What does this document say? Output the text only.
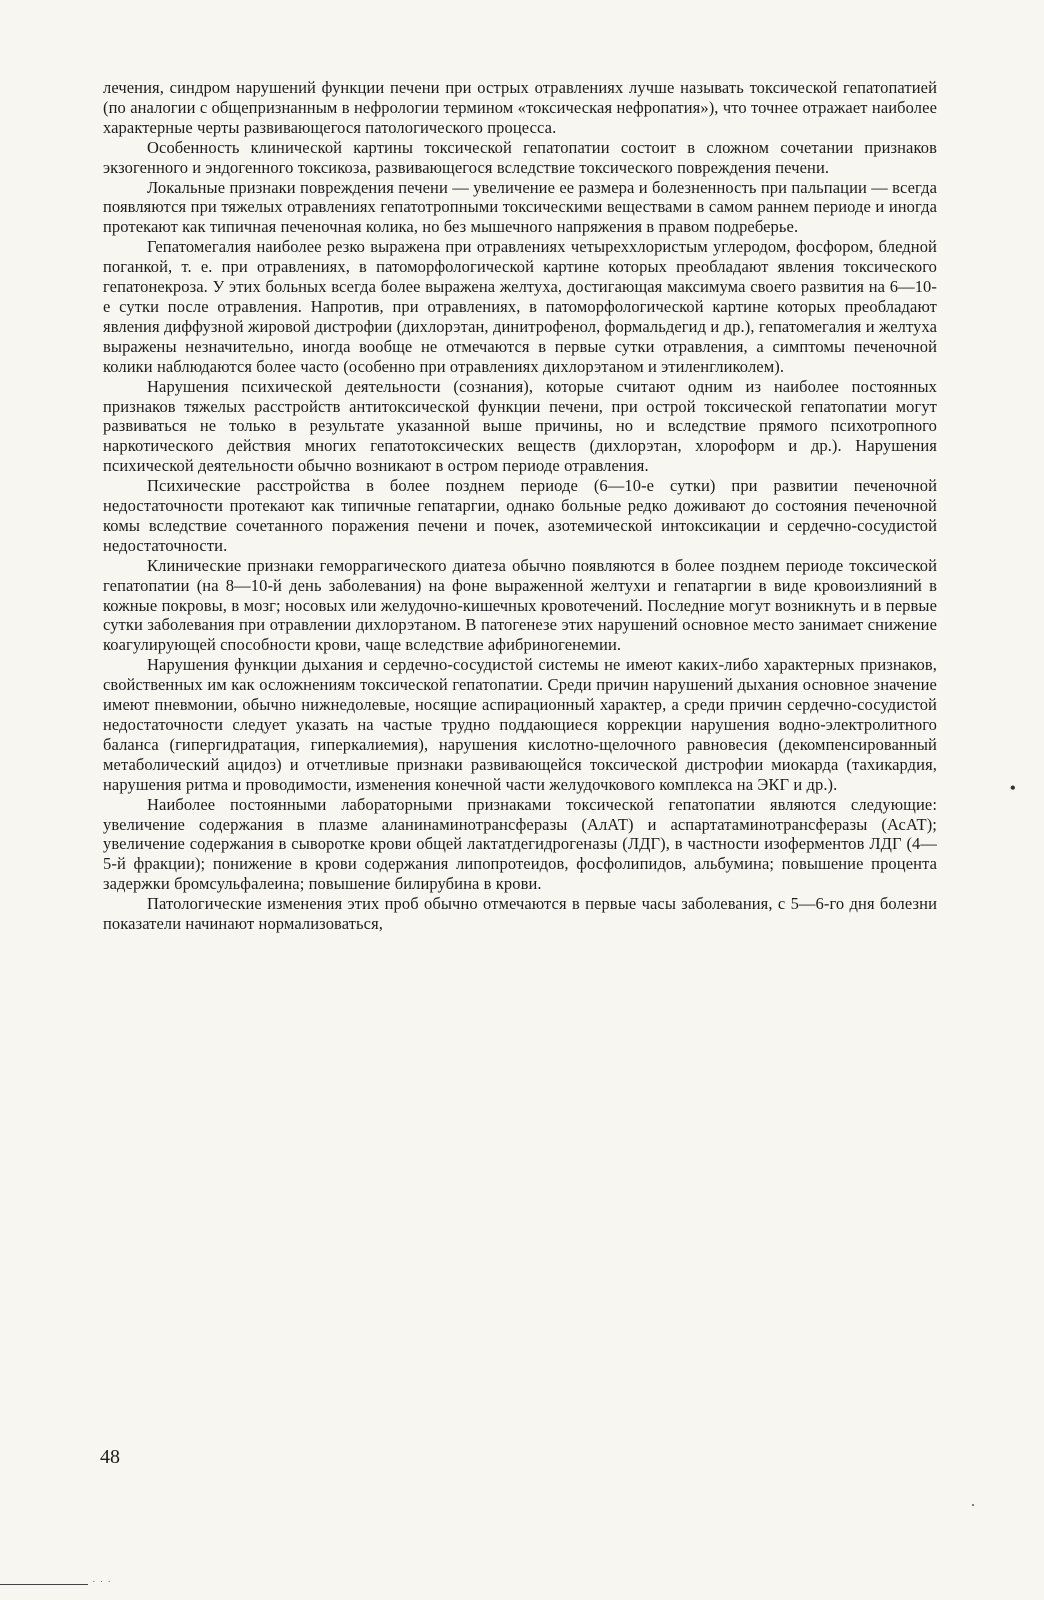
лечения, синдром нарушений функции печени при острых отравлениях лучше называть токсической гепатопатией (по аналогии с общепризнанным в нефрологии термином «токсическая нефропатия»), что точнее отражает наиболее характерные черты развивающегося патологического процесса.

Особенность клинической картины токсической гепатопатии состоит в сложном сочетании признаков экзогенного и эндогенного токсикоза, развивающегося вследствие токсического повреждения печени.

Локальные признаки повреждения печени — увеличение ее размера и болезненность при пальпации — всегда появляются при тяжелых отравлениях гепатотропными токсическими веществами в самом раннем периоде и иногда протекают как типичная печеночная колика, но без мышечного напряжения в правом подреберье.

Гепатомегалия наиболее резко выражена при отравлениях четыреххлористым углеродом, фосфором, бледной поганкой, т. е. при отравлениях, в патоморфологической картине которых преобладают явления токсического гепатонекроза. У этих больных всегда более выражена желтуха, достигающая максимума своего развития на 6—10-е сутки после отравления. Напротив, при отравлениях, в патоморфологической картине которых преобладают явления диффузной жировой дистрофии (дихлорэтан, динитрофенол, формальдегид и др.), гепатомегалия и желтуха выражены незначительно, иногда вообще не отмечаются в первые сутки отравления, а симптомы печеночной колики наблюдаются более часто (особенно при отравлениях дихлорэтаном и этиленгликолем).

Нарушения психической деятельности (сознания), которые считают одним из наиболее постоянных признаков тяжелых расстройств антитоксической функции печени, при острой токсической гепатопатии могут развиваться не только в результате указанной выше причины, но и вследствие прямого психотропного наркотического действия многих гепатотоксических веществ (дихлорэтан, хлороформ и др.). Нарушения психической деятельности обычно возникают в остром периоде отравления.

Психические расстройства в более позднем периоде (6—10-е сутки) при развитии печеночной недостаточности протекают как типичные гепатаргии, однако больные редко доживают до состояния печеночной комы вследствие сочетанного поражения печени и почек, азотемической интоксикации и сердечно-сосудистой недостаточности.

Клинические признаки геморрагического диатеза обычно появляются в более позднем периоде токсической гепатопатии (на 8—10-й день заболевания) на фоне выраженной желтухи и гепатаргии в виде кровоизлияний в кожные покровы, в мозг; носовых или желудочно-кишечных кровотечений. Последние могут возникнуть и в первые сутки заболевания при отравлении дихлорэтаном. В патогенезе этих нарушений основное место занимает снижение коагулирующей способности крови, чаще вследствие афибриногенемии.

Нарушения функции дыхания и сердечно-сосудистой системы не имеют каких-либо характерных признаков, свойственных им как осложнениям токсической гепатопатии. Среди причин нарушений дыхания основное значение имеют пневмонии, обычно нижнедолевые, носящие аспирационный характер, а среди причин сердечно-сосудистой недостаточности следует указать на частые трудно поддающиеся коррекции нарушения водно-электролитного баланса (гипергидратация, гиперкалиемия), нарушения кислотно-щелочного равновесия (декомпенсированный метаболический ацидоз) и отчетливые признаки развивающейся токсической дистрофии миокарда (тахикардия, нарушения ритма и проводимости, изменения конечной части желудочкового комплекса на ЭКГ и др.).

Наиболее постоянными лабораторными признаками токсической гепатопатии являются следующие: увеличение содержания в плазме аланинаминотрансферазы (АлАТ) и аспартатаминотрансферазы (АсАТ); увеличение содержания в сыворотке крови общей лактатдегидрогеназы (ЛДГ), в частности изоферментов ЛДГ (4—5-й фракции); понижение в крови содержания липопротеидов, фосфолипидов, альбумина; повышение процента задержки бромсульфалеина; повышение билирубина в крови.

Патологические изменения этих проб обычно отмечаются в первые часы заболевания, с 5—6-го дня болезни показатели начинают нормализоваться,

48
•
···
